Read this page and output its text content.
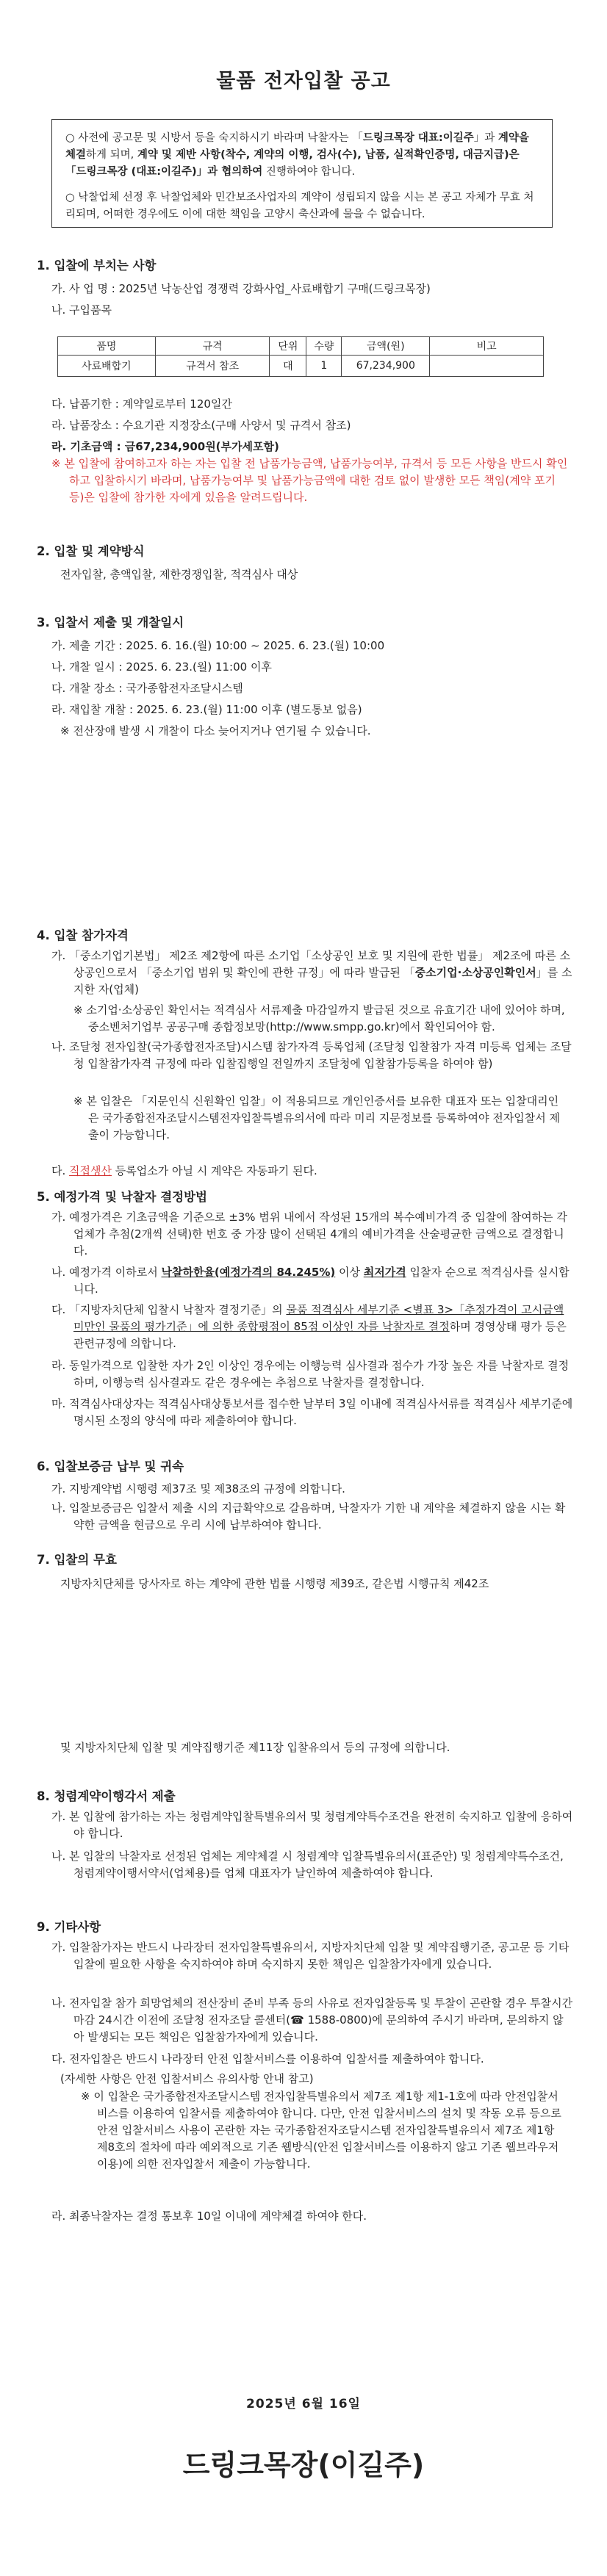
물품 전자입찰 공고

○ 사전에 공고문 및 시방서 등을 숙지하시기 바라며 낙찰자는 「드링크목장 대표:이길주」과 계약을 체결하게 되며, 계약 및 제반 사항(착수, 계약의 이행, 검사(수), 납품, 실적확인증명, 대금지급)은 「드링크목장 (대표:이길주)」과 협의하여 진행하여야 합니다.

○ 낙찰업체 선정 후 낙찰업체와 민간보조사업자의 계약이 성립되지 않을 시는 본 공고 자체가 무효 처리되며, 어떠한 경우에도 이에 대한 책임을 고양시 축산과에 물을 수 없습니다.

1. 입찰에 부치는 사항
가. 사 업 명 : 2025년 낙농산업 경쟁력 강화사업_사료배합기 구매(드링크목장)
나. 구입품목
품명	규격	단위	수량	금액(원)	비고
사료배합기	규격서 참조	대	1	67,234,900	
다. 납품기한 : 계약일로부터 120일간
라. 납품장소 : 수요기관 지정장소(구매 사양서 및 규격서 참조)
라. 기초금액 : 금67,234,900원(부가세포함)
※ 본 입찰에 참여하고자 하는 자는 입찰 전 납품가능금액, 납품가능여부, 규격서 등 모든 사항을 반드시 확인하고 입찰하시기 바라며, 납품가능여부 및 납품가능금액에 대한 검토 없이 발생한 모든 책임(계약 포기 등)은 입찰에 참가한 자에게 있음을 알려드립니다.
2. 입찰 및 계약방식
전자입찰, 총액입찰, 제한경쟁입찰, 적격심사 대상
3. 입찰서 제출 및 개찰일시
가. 제출 기간 : 2025. 6. 16.(월) 10:00 ~ 2025. 6. 23.(월) 10:00
나. 개찰 일시 : 2025. 6. 23.(월) 11:00 이후
다. 개찰 장소 : 국가종합전자조달시스템
라. 재입찰 개찰 : 2025. 6. 23.(월) 11:00 이후 (별도통보 없음)
※ 전산장애 발생 시 개찰이 다소 늦어지거나 연기될 수 있습니다.
4. 입찰 참가자격
가. 「중소기업기본법」 제2조 제2항에 따른 소기업「소상공인 보호 및 지원에 관한 법률」 제2조에 따른 소상공인으로서 「중소기업 범위 및 확인에 관한 규정」에 따라 발급된 「중소기업·소상공인확인서」를 소지한 자(업체)
※ 소기업·소상공인 확인서는 적격심사 서류제출 마감일까지 발급된 것으로 유효기간 내에 있어야 하며, 중소벤처기업부 공공구매 종합정보망(http://www.smpp.go.kr)에서 확인되어야 함.
나. 조달청 전자입찰(국가종합전자조달)시스템 참가자격 등록업체 (조달청 입찰참가 자격 미등록 업체는 조달청 입찰참가자격 규정에 따라 입찰집행일 전일까지 조달청에 입찰참가등록을 하여야 함)
※ 본 입찰은 「지문인식 신원확인 입찰」이 적용되므로 개인인증서를 보유한 대표자 또는 입찰대리인은 국가종합전자조달시스템전자입찰특별유의서에 따라 미리 지문정보를 등록하여야 전자입찰서 제출이 가능합니다.
다. 직접생산 등록업소가 아닐 시 계약은 자동파기 된다.
5. 예정가격 및 낙찰자 결정방법
가. 예정가격은 기초금액을 기준으로 ±3% 범위 내에서 작성된 15개의 복수예비가격 중 입찰에 참여하는 각 업체가 추첨(2개씩 선택)한 번호 중 가장 많이 선택된 4개의 예비가격을 산술평균한 금액으로 결정합니다.
나. 예정가격 이하로서 낙찰하한율(예정가격의 84.245%) 이상 최저가격 입찰자 순으로 적격심사를 실시합니다.
다. 「지방자치단체 입찰시 낙찰자 결정기준」의 물품 적격심사 세부기준 <별표 3>「추정가격이 고시금액 미만인 물품의 평가기준」에 의한 종합평점이 85점 이상인 자를 낙찰자로 결정하며 경영상태 평가 등은 관련규정에 의합니다.
라. 동일가격으로 입찰한 자가 2인 이상인 경우에는 이행능력 심사결과 점수가 가장 높은 자를 낙찰자로 결정하며, 이행능력 심사결과도 같은 경우에는 추첨으로 낙찰자를 결정합니다.
마. 적격심사대상자는 적격심사대상통보서를 접수한 날부터 3일 이내에 적격심사서류를 적격심사 세부기준에 명시된 소정의 양식에 따라 제출하여야 합니다.
6. 입찰보증금 납부 및 귀속
가. 지방계약법 시행령 제37조 및 제38조의 규정에 의합니다.
나. 입찰보증금은 입찰서 제출 시의 지급확약으로 갈음하며, 낙찰자가 기한 내 계약을 체결하지 않을 시는 확약한 금액을 현금으로 우리 시에 납부하여야 합니다.
7. 입찰의 무효
지방자치단체를 당사자로 하는 계약에 관한 법률 시행령 제39조, 같은법 시행규칙 제42조
및 지방자치단체 입찰 및 계약집행기준 제11장 입찰유의서 등의 규정에 의합니다.
8. 청렴계약이행각서 제출
가. 본 입찰에 참가하는 자는 청렴계약입찰특별유의서 및 청렴계약특수조건을 완전히 숙지하고 입찰에 응하여야 합니다.
나. 본 입찰의 낙찰자로 선정된 업체는 계약체결 시 청렴계약 입찰특별유의서(표준안) 및 청렴계약특수조건, 청렴계약이행서약서(업체용)를 업체 대표자가 날인하여 제출하여야 합니다.
9. 기타사항
가. 입찰참가자는 반드시 나라장터 전자입찰특별유의서, 지방자치단체 입찰 및 계약집행기준, 공고문 등 기타 입찰에 필요한 사항을 숙지하여야 하며 숙지하지 못한 책임은 입찰참가자에게 있습니다.
나. 전자입찰 참가 희망업체의 전산장비 준비 부족 등의 사유로 전자입찰등록 및 투찰이 곤란할 경우 투찰시간 마감 24시간 이전에 조달청 전자조달 콜센터(☎ 1588-0800)에 문의하여 주시기 바라며, 문의하지 않아 발생되는 모든 책임은 입찰참가자에게 있습니다.
다. 전자입찰은 반드시 나라장터 안전 입찰서비스를 이용하여 입찰서를 제출하여야 합니다.
(자세한 사항은 안전 입찰서비스 유의사항 안내 참고)
※ 이 입찰은 국가종합전자조달시스템 전자입찰특별유의서 제7조 제1항 제1-1호에 따라 안전입찰서비스를 이용하여 입찰서를 제출하여야 합니다. 다만, 안전 입찰서비스의 설치 및 작동 오류 등으로 안전 입찰서비스 사용이 곤란한 자는 국가종합전자조달시스템 전자입찰특별유의서 제7조 제1항 제8호의 절차에 따라 예외적으로 기존 웹방식(안전 입찰서비스를 이용하지 않고 기존 웹브라우저 이용)에 의한 전자입찰서 제출이 가능합니다.
라. 최종낙찰자는 결정 통보후 10일 이내에 계약체결 하여야 한다.
2025년 6월 16일
드링크목장(이길주)
